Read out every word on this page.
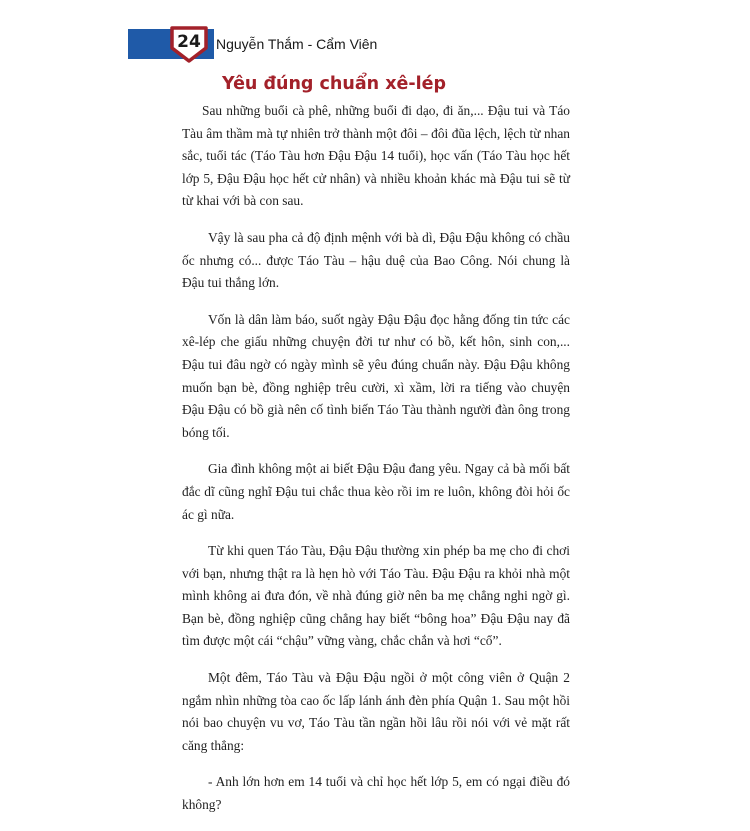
24	Nguyễn Thắm - Cẩm Viên
Yêu đúng chuẩn xê-lép

Sau những buổi cà phê, những buổi đi dạo, đi ăn,... Đậu tui và Táo Tàu âm thầm mà tự nhiên trở thành một đôi – đôi đũa lệch, lệch từ nhan sắc, tuổi tác (Táo Tàu hơn Đậu Đậu 14 tuổi), học vấn (Táo Tàu học hết lớp 5, Đậu Đậu học hết cử nhân) và nhiều khoản khác mà Đậu tui sẽ từ từ khai với bà con sau.

Vậy là sau pha cả độ định mệnh với bà dì, Đậu Đậu không có chầu ốc nhưng có... được Táo Tàu – hậu duệ của Bao Công. Nói chung là Đậu tui thắng lớn.

Vốn là dân làm báo, suốt ngày Đậu Đậu đọc hằng đống tin tức các xê-lép che giấu những chuyện đời tư như có bồ, kết hôn, sinh con,... Đậu tui đâu ngờ có ngày mình sẽ yêu đúng chuẩn này. Đậu Đậu không muốn bạn bè, đồng nghiệp trêu cười, xì xầm, lời ra tiếng vào chuyện Đậu Đậu có bồ già nên cố tình biến Táo Tàu thành người đàn ông trong bóng tối.

Gia đình không một ai biết Đậu Đậu đang yêu. Ngay cả bà mối bất đắc dĩ cũng nghĩ Đậu tui chắc thua kèo rồi im re luôn, không đòi hỏi ốc ác gì nữa.

Từ khi quen Táo Tàu, Đậu Đậu thường xin phép ba mẹ cho đi chơi với bạn, nhưng thật ra là hẹn hò với Táo Tàu. Đậu Đậu ra khỏi nhà một mình không ai đưa đón, về nhà đúng giờ nên ba mẹ chẳng nghi ngờ gì. Bạn bè, đồng nghiệp cũng chẳng hay biết “bông hoa” Đậu Đậu nay đã tìm được một cái “chậu” vững vàng, chắc chắn và hơi “cổ”.

Một đêm, Táo Tàu và Đậu Đậu ngồi ở một công viên ở Quận 2 ngắm nhìn những tòa cao ốc lấp lánh ánh đèn phía Quận 1. Sau một hồi nói bao chuyện vu vơ, Táo Tàu tần ngần hồi lâu rồi nói với vẻ mặt rất căng thẳng:

- Anh lớn hơn em 14 tuổi và chỉ học hết lớp 5, em có ngại điều đó không?
